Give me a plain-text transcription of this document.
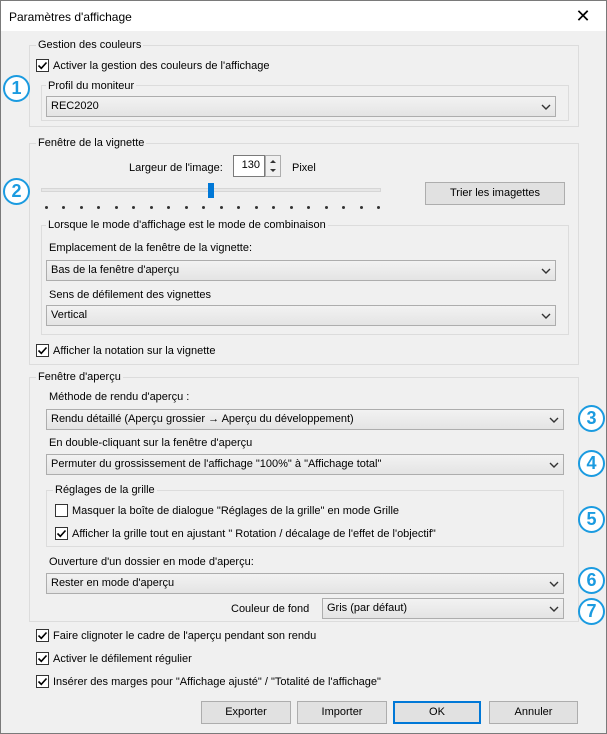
Paramètres d'affichage	✕
Gestion des couleurs
Activer la gestion des couleurs de l'affichage
Profil du moniteur
REC2020
Fenêtre de la vignette
Largeur de l'image:	130	Pixel
Trier les imagettes
Lorsque le mode d'affichage est le mode de combinaison
Emplacement de la fenêtre de la vignette:
Bas de la fenêtre d'aperçu
Sens de défilement des vignettes
Vertical
Afficher la notation sur la vignette
Fenêtre d'aperçu
Méthode de rendu d'aperçu :
Rendu détaillé (Aperçu grossier → Aperçu du développement)
En double-cliquant sur la fenêtre d'aperçu
Permuter du grossissement de l'affichage "100%" à "Affichage total"
Réglages de la grille
Masquer la boîte de dialogue "Réglages de la grille" en mode Grille
Afficher la grille tout en ajustant " Rotation / décalage de l'effet de l'objectif"
Ouverture d'un dossier en mode d'aperçu:
Rester en mode d'aperçu
Couleur de fond	Gris (par défaut)
Faire clignoter le cadre de l'aperçu pendant son rendu
Activer le défilement régulier
Insérer des marges pour "Affichage ajusté" / "Totalité de l'affichage"
Exporter	Importer	OK	Annuler
1
2
3
4
5
6
7
